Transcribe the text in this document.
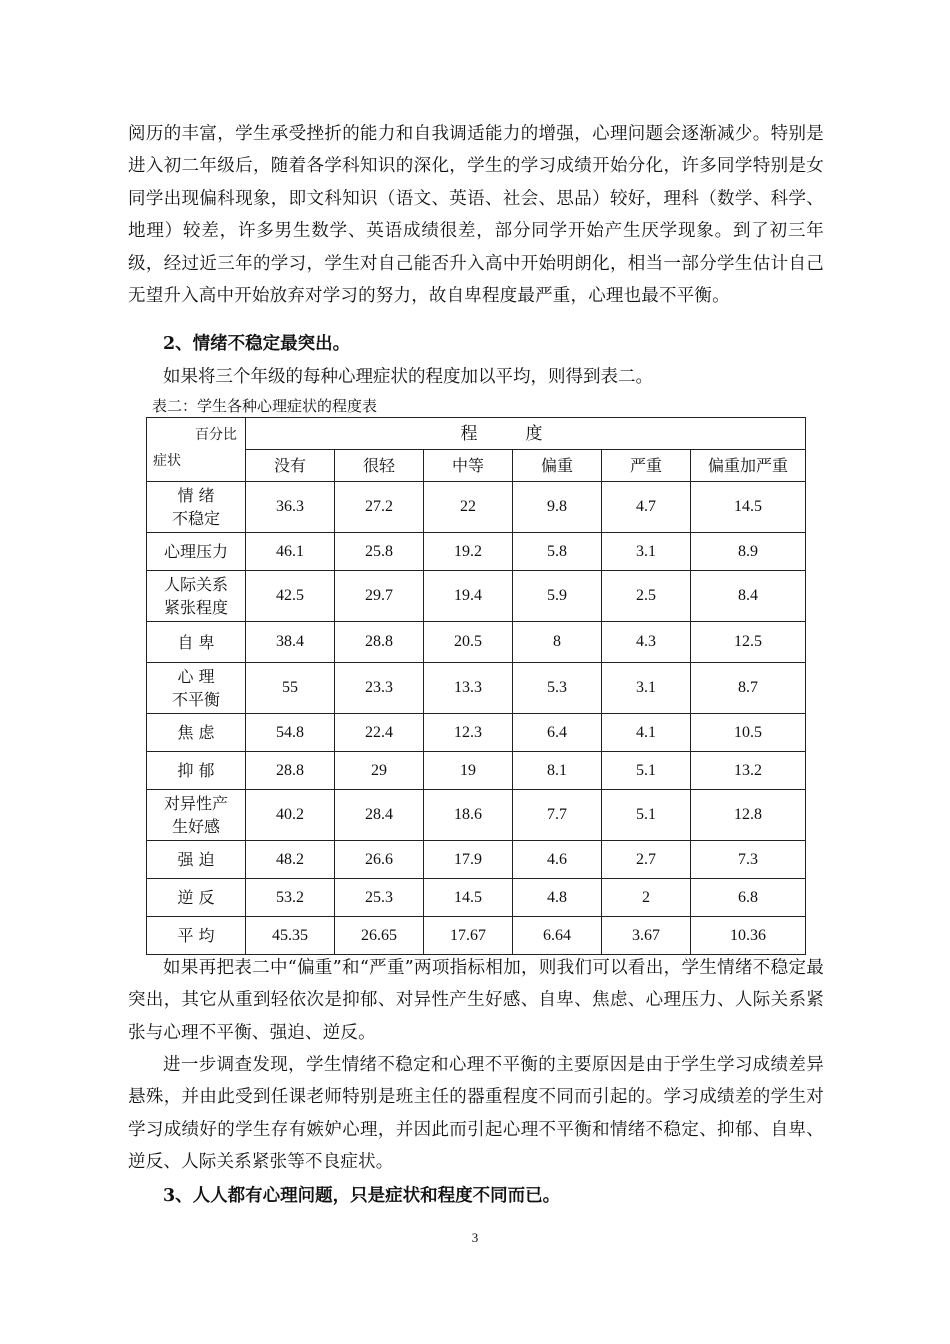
阅历的丰富，学生承受挫折的能力和自我调适能力的增强，心理问题会逐渐减少。特别是进入初二年级后，随着各学科知识的深化，学生的学习成绩开始分化，许多同学特别是女同学出现偏科现象，即文科知识（语文、英语、社会、思品）较好，理科（数学、科学、地理）较差，许多男生数学、英语成绩很差，部分同学开始产生厌学现象。到了初三年级，经过近三年的学习，学生对自己能否升入高中开始明朗化，相当一部分学生估计自己无望升入高中开始放弃对学习的努力，故自卑程度最严重，心理也最不平衡。

2、情绪不稳定最突出。

如果将三个年级的每种心理症状的程度加以平均，则得到表二。

表二：学生各种心理症状的程度表

百分比
症状	程度					
	没有	很轻	中等	偏重	严重	偏重加严重

情 绪
不稳定	36.3	27.2	22	9.8	4.7	14.5

心理压力	46.1	25.8	19.2	5.8	3.1	8.9

人际关系
紧张程度	42.5	29.7	19.4	5.9	2.5	8.4

自 卑	38.4	28.8	20.5	8	4.3	12.5

心 理
不平衡	55	23.3	13.3	5.3	3.1	8.7

焦 虑	54.8	22.4	12.3	6.4	4.1	10.5

抑 郁	28.8	29	19	8.1	5.1	13.2

对异性产
生好感	40.2	28.4	18.6	7.7	5.1	12.8

强 迫	48.2	26.6	17.9	4.6	2.7	7.3

逆 反	53.2	25.3	14.5	4.8	2	6.8

平 均	45.35	26.65	17.67	6.64	3.67	10.36

如果再把表二中“偏重”和“严重”两项指标相加，则我们可以看出，学生情绪不稳定最突出，其它从重到轻依次是抑郁、对异性产生好感、自卑、焦虑、心理压力、人际关系紧张与心理不平衡、强迫、逆反。

进一步调查发现，学生情绪不稳定和心理不平衡的主要原因是由于学生学习成绩差异悬殊，并由此受到任课老师特别是班主任的器重程度不同而引起的。学习成绩差的学生对学习成绩好的学生存有嫉妒心理，并因此而引起心理不平衡和情绪不稳定、抑郁、自卑、逆反、人际关系紧张等不良症状。

3、人人都有心理问题，只是症状和程度不同而已。

3
